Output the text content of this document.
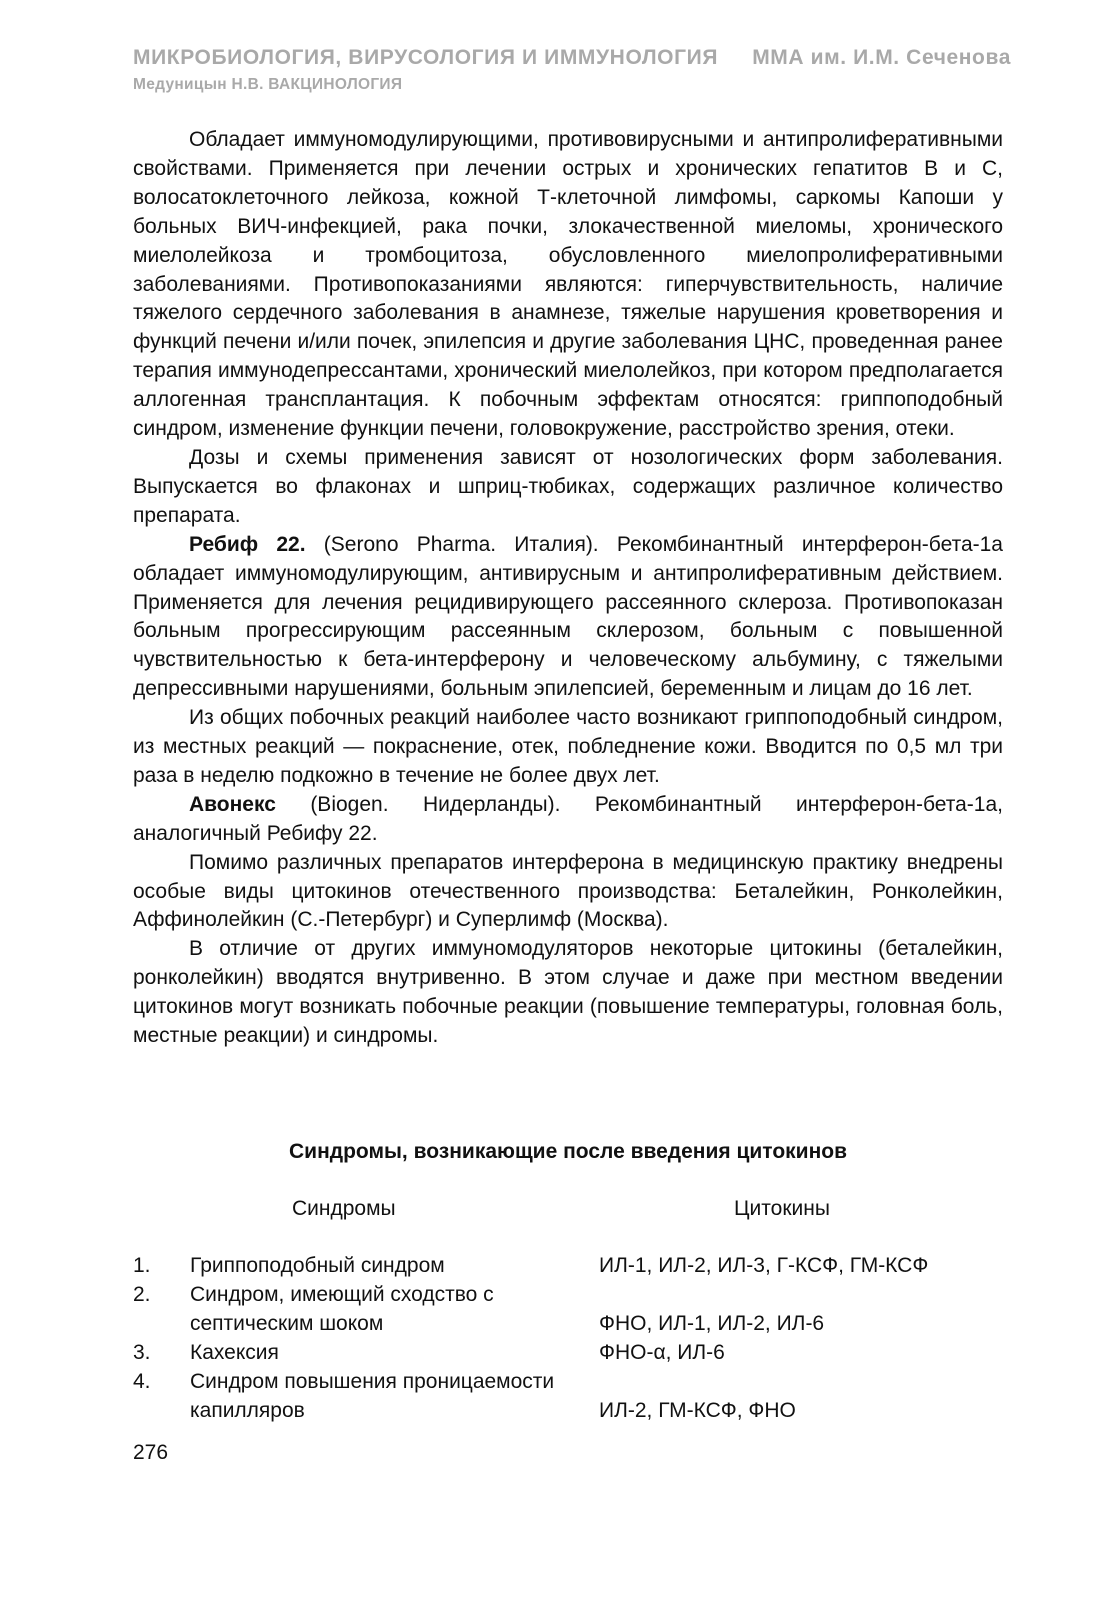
МИКРОБИОЛОГИЯ, ВИРУСОЛОГИЯ И ИММУНОЛОГИЯ ММА им. И.М. Сеченова
Медуницын Н.В. ВАКЦИНОЛОГИЯ

Обладает иммуномодулирующими, противовирусными и антипролиферативными свойствами. Применяется при лечении острых и хронических гепатитов В и С, волосатоклеточного лейкоза, кожной Т-клеточной лимфомы, саркомы Капоши у больных ВИЧ-инфекцией, рака почки, злокачественной миеломы, хронического миелолейкоза и тромбоцитоза, обусловленного миелопролиферативными заболеваниями. Противопоказаниями являются: гиперчувствительность, наличие тяжелого сердечного заболевания в анамнезе, тяжелые нарушения кроветворения и функций печени и/или почек, эпилепсия и другие заболевания ЦНС, проведенная ранее терапия иммунодепрессантами, хронический миелолейкоз, при котором предполагается аллогенная трансплантация. К побочным эффектам относятся: гриппоподобный синдром, изменение функции печени, головокружение, расстройство зрения, отеки.

Дозы и схемы применения зависят от нозологических форм заболевания. Выпускается во флаконах и шприц-тюбиках, содержащих различное количество препарата.

Ребиф 22. (Serono Pharma. Италия). Рекомбинантный интерферон-бета-1а обладает иммуномодулирующим, антивирусным и антипролиферативным действием. Применяется для лечения рецидивирующего рассеянного склероза. Противопоказан больным прогрессирующим рассеянным склерозом, больным с повышенной чувствительностью к бета-интерферону и человеческому альбумину, с тяжелыми депрессивными нарушениями, больным эпилепсией, беременным и лицам до 16 лет.

Из общих побочных реакций наиболее часто возникают гриппоподобный синдром, из местных реакций — покраснение, отек, побледнение кожи. Вводится по 0,5 мл три раза в неделю подкожно в течение не более двух лет.

Авонекс (Biogen. Нидерланды). Рекомбинантный интерферон-бета-1а, аналогичный Ребифу 22.

Помимо различных препаратов интерферона в медицинскую практику внедрены особые виды цитокинов отечественного производства: Беталейкин, Ронколейкин, Аффинолейкин (С.-Петербург) и Суперлимф (Москва).

В отличие от других иммуномодуляторов некоторые цитокины (беталейкин, ронколейкин) вводятся внутривенно. В этом случае и даже при местном введении цитокинов могут возникать побочные реакции (повышение температуры, головная боль, местные реакции) и синдромы.

Синдромы, возникающие после введения цитокинов
Синдромы	Цитокины
1.	Гриппоподобный синдром	ИЛ-1, ИЛ-2, ИЛ-3, Г-КСФ, ГМ-КСФ
2.	Синдром, имеющий сходство с септическим шоком	ФНО, ИЛ-1, ИЛ-2, ИЛ-6
3.	Кахексия	ФНО-α, ИЛ-6
4.	Синдром повышения проницаемости капилляров	ИЛ-2, ГМ-КСФ, ФНО
276
